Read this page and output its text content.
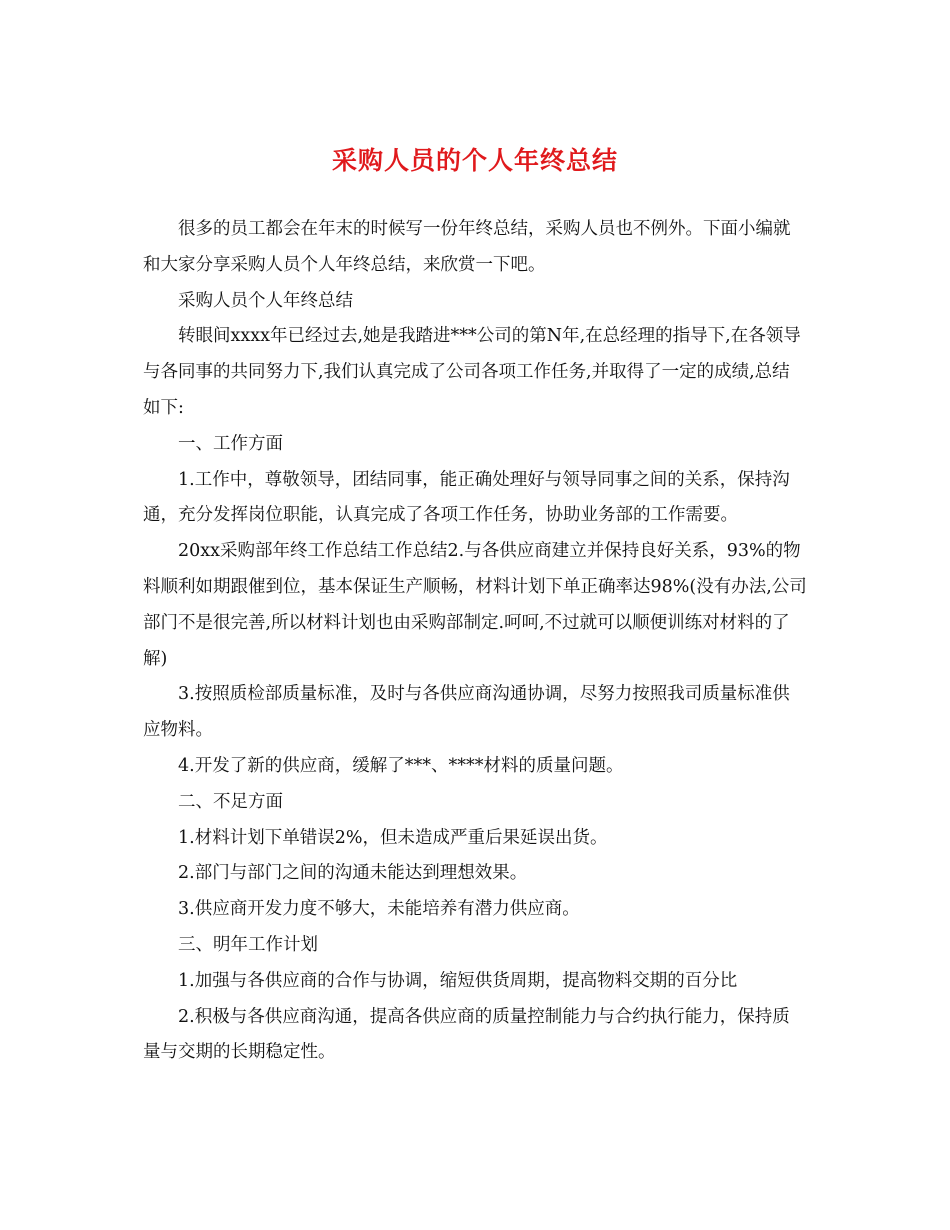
采购人员的个人年终总结

很多的员工都会在年末的时候写一份年终总结，采购人员也不例外。下面小编就和大家分享采购人员个人年终总结，来欣赏一下吧。

采购人员个人年终总结

转眼间xxxx年已经过去,她是我踏进***公司的第N年,在总经理的指导下,在各领导与各同事的共同努力下,我们认真完成了公司各项工作任务,并取得了一定的成绩,总结如下:

一、工作方面

1.工作中，尊敬领导，团结同事，能正确处理好与领导同事之间的关系，保持沟通，充分发挥岗位职能，认真完成了各项工作任务，协助业务部的工作需要。

20xx采购部年终工作总结工作总结2.与各供应商建立并保持良好关系，93%的物料顺利如期跟催到位，基本保证生产顺畅，材料计划下单正确率达98%(没有办法,公司部门不是很完善,所以材料计划也由采购部制定.呵呵,不过就可以顺便训练对材料的了解)

3.按照质检部质量标准，及时与各供应商沟通协调，尽努力按照我司质量标准供应物料。

4.开发了新的供应商，缓解了***、****材料的质量问题。

二、不足方面

1.材料计划下单错误2%，但未造成严重后果延误出货。

2.部门与部门之间的沟通未能达到理想效果。

3.供应商开发力度不够大，未能培养有潜力供应商。

三、明年工作计划

1.加强与各供应商的合作与协调，缩短供货周期，提高物料交期的百分比

2.积极与各供应商沟通，提高各供应商的质量控制能力与合约执行能力，保持质量与交期的长期稳定性。
